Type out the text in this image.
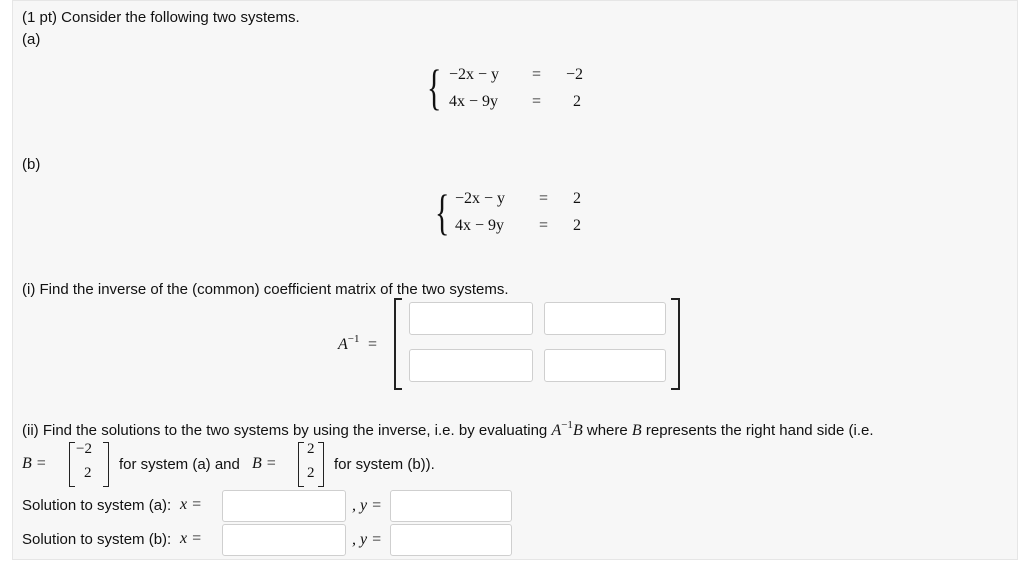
(1 pt) Consider the following two systems.
(a)
{ −2x − y = −2
4x − 9y = 2
(b)
{ −2x − y = 2
4x − 9y = 2
(i) Find the inverse of the (common) coefficient matrix of the two systems.
$A^{-1}$ =
(ii) Find the solutions to the two systems by using the inverse, i.e. by evaluating $A^{-1}B$ where B represents the right hand side (i.e.
B =
−2
2 for system (a) and B =
2
2 for system (b)).
Solution to system (a): x =	, y =
Solution to system (b): x =	, y =
